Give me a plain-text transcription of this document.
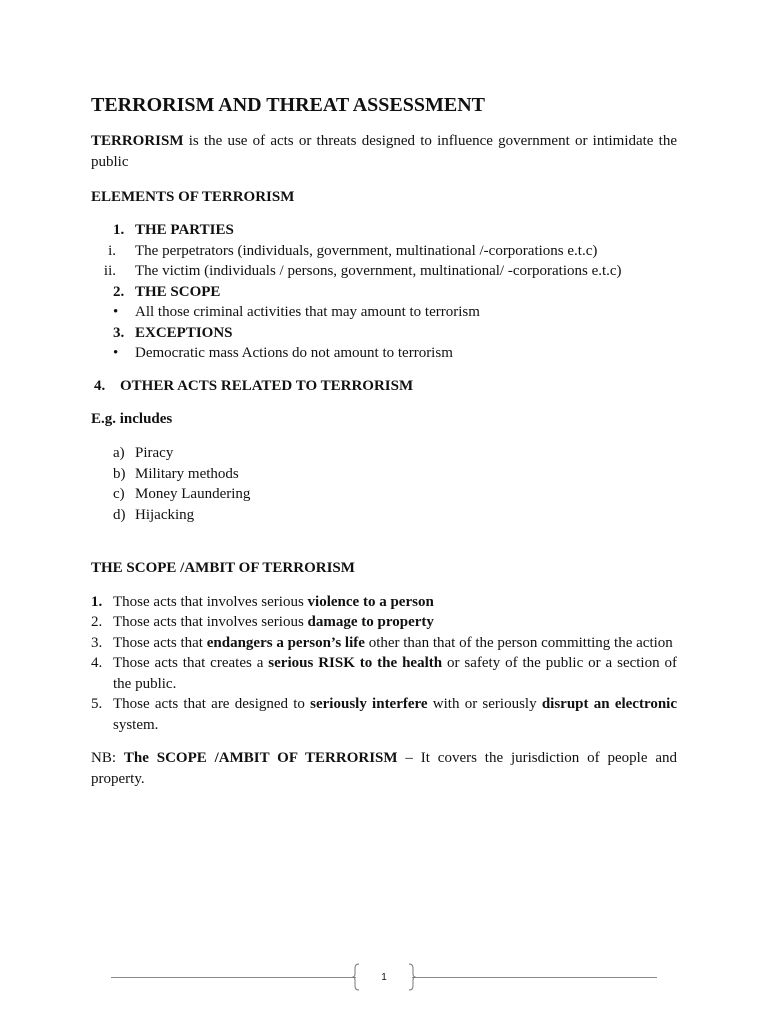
TERRORISM AND THREAT ASSESSMENT
TERRORISM is the use of acts or threats designed to influence government or intimidate the public
ELEMENTS OF TERRORISM
1. THE PARTIES
i. The perpetrators (individuals, government, multinational /-corporations e.t.c)
ii. The victim (individuals / persons, government, multinational/ -corporations e.t.c)
2. THE SCOPE
• All those criminal activities that may amount to terrorism
3. EXCEPTIONS
• Democratic mass Actions do not amount to terrorism
4. OTHER ACTS RELATED TO TERRORISM
E.g. includes
a) Piracy
b) Military methods
c) Money Laundering
d) Hijacking
THE SCOPE /AMBIT OF TERRORISM
1. Those acts that involves serious violence to a person
2. Those acts that involves serious damage to property
3. Those acts that endangers a person’s life other than that of the person committing the action
4. Those acts that creates a serious RISK to the health or safety of the public or a section of the public.
5. Those acts that are designed to seriously interfere with or seriously disrupt an electronic system.
NB: The SCOPE /AMBIT OF TERRORISM – It covers the jurisdiction of people and property.
1
